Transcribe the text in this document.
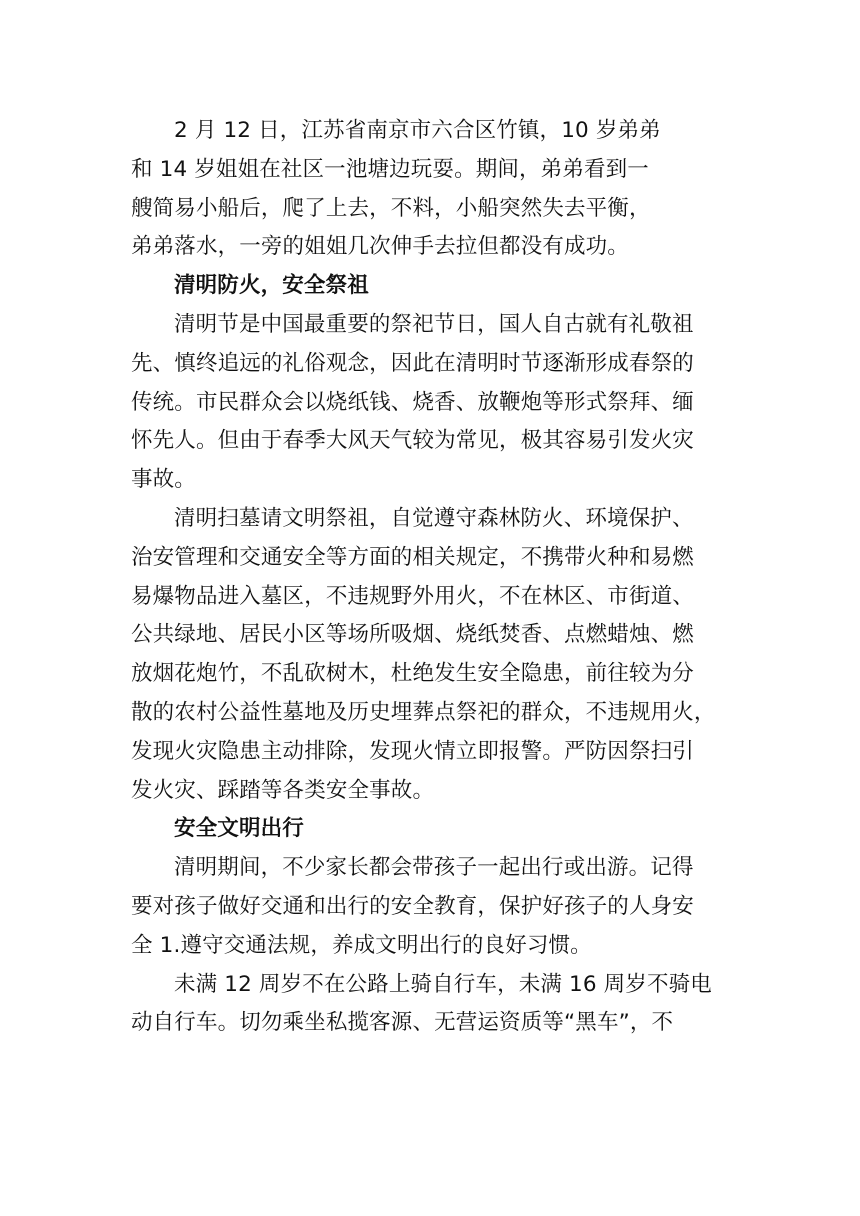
2 月 12 日，江苏省南京市六合区竹镇，10 岁弟弟
和 14 岁姐姐在社区一池塘边玩耍。期间，弟弟看到一
艘简易小船后，爬了上去，不料，小船突然失去平衡，
弟弟落水，一旁的姐姐几次伸手去拉但都没有成功。
清明防火，安全祭祖
清明节是中国最重要的祭祀节日，国人自古就有礼敬祖
先、慎终追远的礼俗观念，因此在清明时节逐渐形成春祭的
传统。市民群众会以烧纸钱、烧香、放鞭炮等形式祭拜、缅
怀先人。但由于春季大风天气较为常见，极其容易引发火灾
事故。
清明扫墓请文明祭祖，自觉遵守森林防火、环境保护、
治安管理和交通安全等方面的相关规定，不携带火种和易燃
易爆物品进入墓区，不违规野外用火，不在林区、市街道、
公共绿地、居民小区等场所吸烟、烧纸焚香、点燃蜡烛、燃
放烟花炮竹，不乱砍树木，杜绝发生安全隐患，前往较为分
散的农村公益性墓地及历史埋葬点祭祀的群众，不违规用火，
发现火灾隐患主动排除，发现火情立即报警。严防因祭扫引
发火灾、踩踏等各类安全事故。
安全文明出行
清明期间，不少家长都会带孩子一起出行或出游。记得
要对孩子做好交通和出行的安全教育，保护好孩子的人身安
全 1.遵守交通法规，养成文明出行的良好习惯。
未满 12 周岁不在公路上骑自行车，未满 16 周岁不骑电
动自行车。切勿乘坐私揽客源、无营运资质等“黑车”，不
